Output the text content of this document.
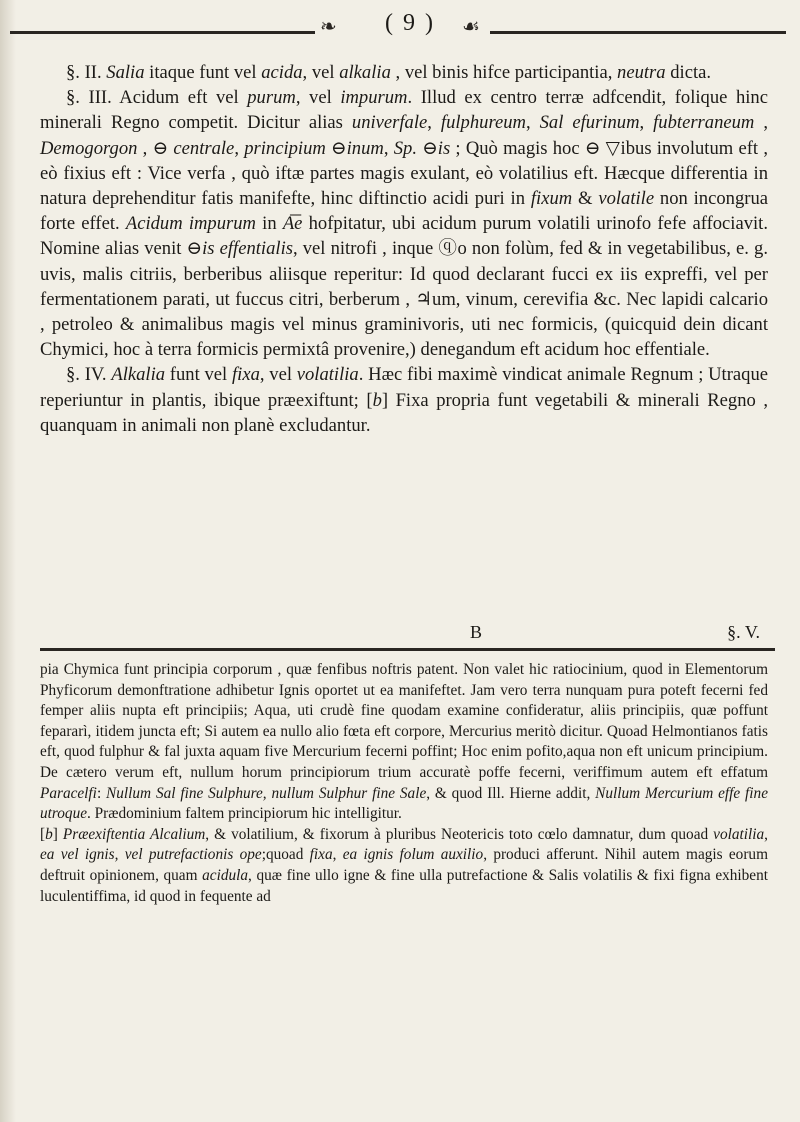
❧	( 9 )	☙

§. II. Salia itaque funt vel acida, vel alkalia , vel binis hifce participantia, neutra dicta.

§. III. Acidum eft vel purum, vel impurum. Illud ex centro terræ adfcendit, folique hinc minerali Regno competit. Dicitur alias univerfale, fulphureum, Sal efurinum, fubterraneum , Demogorgon , ⊖ centrale, principium ⊖inum, Sp. ⊖is ; Quò magis hoc ⊖ ▽ibus involutum eft , eò fixius eft : Vice verfa , quò iftæ partes magis exulant, eò volatilius eft. Hæcque differentia in natura deprehenditur fatis manifefte, hinc diftinctio acidi puri in fixum & volatile non incongrua forte effet. Acidum impurum in A͞e hofpitatur, ubi acidum purum volatili urinofo fefe affociavit. Nomine alias venit ⊖is effentialis, vel nitrofi , inque ⓠo non folùm, fed & in vegetabilibus, e. g. uvis, malis citriis, berberibus aliisque reperitur: Id quod declarant fucci ex iis expreffi, vel per fermentationem parati, ut fuccus citri, berberum , ♃um, vinum, cerevifia &c. Nec lapidi calcario , petroleo & animalibus magis vel minus graminivoris, uti nec formicis, (quicquid dein dicant Chymici, hoc à terra formicis permixtâ provenire,) denegandum eft acidum hoc effentiale.

§. IV. Alkalia funt vel fixa, vel volatilia. Hæc fibi maximè vindicat animale Regnum ; Utraque reperiuntur in plantis, ibique præexiftunt; [b] Fixa propria funt vegetabili & minerali Regno , quanquam in animali non planè excludantur.

B	§. V.

pia Chymica funt principia corporum , quæ fenfibus noftris patent. Non valet hic ratiocinium, quod in Elementorum Phyficorum demonftratione adhibetur Ignis oportet ut ea manifeftet. Jam vero terra nunquam pura poteft fecerni fed femper aliis nupta eft principiis; Aqua, uti crudè fine quodam examine confideratur, aliis principiis, quæ poffunt fepararì, itidem juncta eft; Si autem ea nullo alio fœta eft corpore, Mercurius meritò dicitur. Quoad Helmontianos fatis eft, quod fulphur & fal juxta aquam five Mercurium fecerni poffint; Hoc enim pofito,aqua non eft unicum principium. De cætero verum eft, nullum horum principiorum trium accuratè poffe fecerni, veriffimum autem eft effatum Paracelfi: Nullum Sal fine Sulphure, nullum Sulphur fine Sale, & quod Ill. Hierne addit, Nullum Mercurium effe fine utroque. Prædominium faltem principiorum hic intelligitur.

[b] Præexiftentia Alcalium, & volatilium, & fixorum à pluribus Neotericis toto cœlo damnatur, dum quoad volatilia, ea vel ignis, vel putrefactionis ope;quoad fixa, ea ignis folum auxilio, produci afferunt. Nihil autem magis eorum deftruit opinionem, quam acidula, quæ fine ullo igne & fine ulla putrefactione & Salis volatilis & fixi figna exhibent luculentiffima, id quod in fequente ad
